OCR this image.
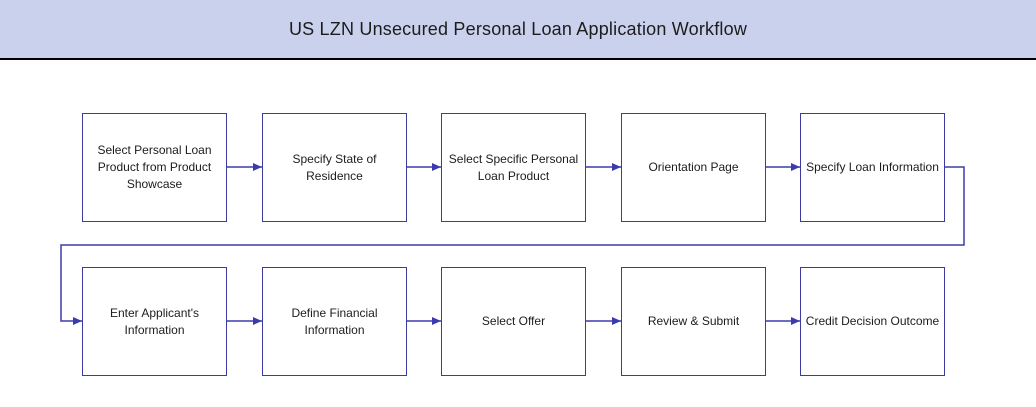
US LZN Unsecured Personal Loan Application Workflow
Select Personal Loan Product from Product Showcase
Specify State of Residence
Select Specific Personal Loan Product
Orientation Page	Specify Loan Information
Enter Applicant's Information
Define Financial Information
Select Offer	Review & Submit	Credit Decision Outcome
